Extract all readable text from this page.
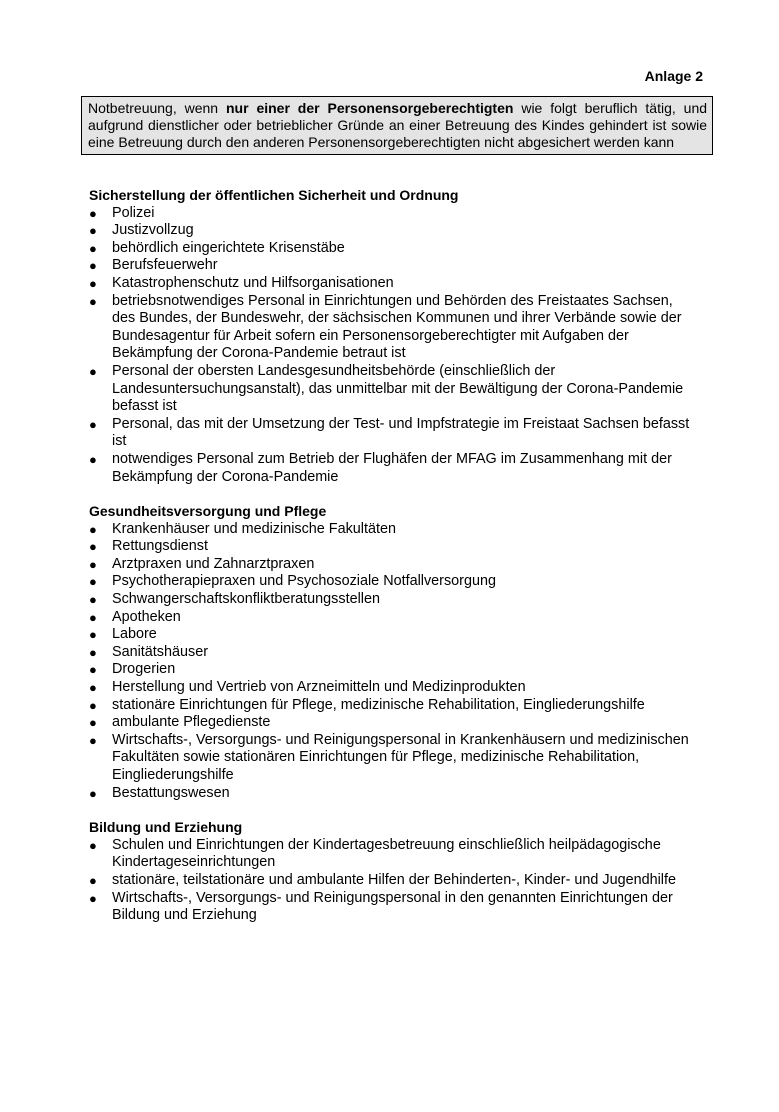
Anlage 2
Notbetreuung, wenn nur einer der Personensorgeberechtigten wie folgt beruflich tätig, und aufgrund dienstlicher oder betrieblicher Gründe an einer Betreuung des Kindes gehindert ist sowie eine Betreuung durch den anderen Personensorgeberechtigten nicht abgesichert werden kann
Sicherstellung der öffentlichen Sicherheit und Ordnung
● Polizei
● Justizvollzug
● behördlich eingerichtete Krisenstäbe
● Berufsfeuerwehr
● Katastrophenschutz und Hilfsorganisationen
● betriebsnotwendiges Personal in Einrichtungen und Behörden des Freistaates Sachsen, des Bundes, der Bundeswehr, der sächsischen Kommunen und ihrer Verbände sowie der Bundesagentur für Arbeit sofern ein Personensorgeberechtigter mit Aufgaben der Bekämpfung der Corona-Pandemie betraut ist
● Personal der obersten Landesgesundheitsbehörde (einschließlich der Landesuntersuchungsanstalt), das unmittelbar mit der Bewältigung der Corona-Pandemie befasst ist
● Personal, das mit der Umsetzung der Test- und Impfstrategie im Freistaat Sachsen befasst ist
● notwendiges Personal zum Betrieb der Flughäfen der MFAG im Zusammenhang mit der Bekämpfung der Corona-Pandemie
Gesundheitsversorgung und Pflege
● Krankenhäuser und medizinische Fakultäten
● Rettungsdienst
● Arztpraxen und Zahnarztpraxen
● Psychotherapiepraxen und Psychosoziale Notfallversorgung
● Schwangerschaftskonfliktberatungsstellen
● Apotheken
● Labore
● Sanitätshäuser
● Drogerien
● Herstellung und Vertrieb von Arzneimitteln und Medizinprodukten
● stationäre Einrichtungen für Pflege, medizinische Rehabilitation, Eingliederungshilfe
● ambulante Pflegedienste
● Wirtschafts-, Versorgungs- und Reinigungspersonal in Krankenhäusern und medizinischen Fakultäten sowie stationären Einrichtungen für Pflege, medizinische Rehabilitation, Eingliederungshilfe
● Bestattungswesen
Bildung und Erziehung
● Schulen und Einrichtungen der Kindertagesbetreuung einschließlich heilpädagogische Kindertageseinrichtungen
● stationäre, teilstationäre und ambulante Hilfen der Behinderten-, Kinder- und Jugendhilfe
● Wirtschafts-, Versorgungs- und Reinigungspersonal in den genannten Einrichtungen der Bildung und Erziehung
